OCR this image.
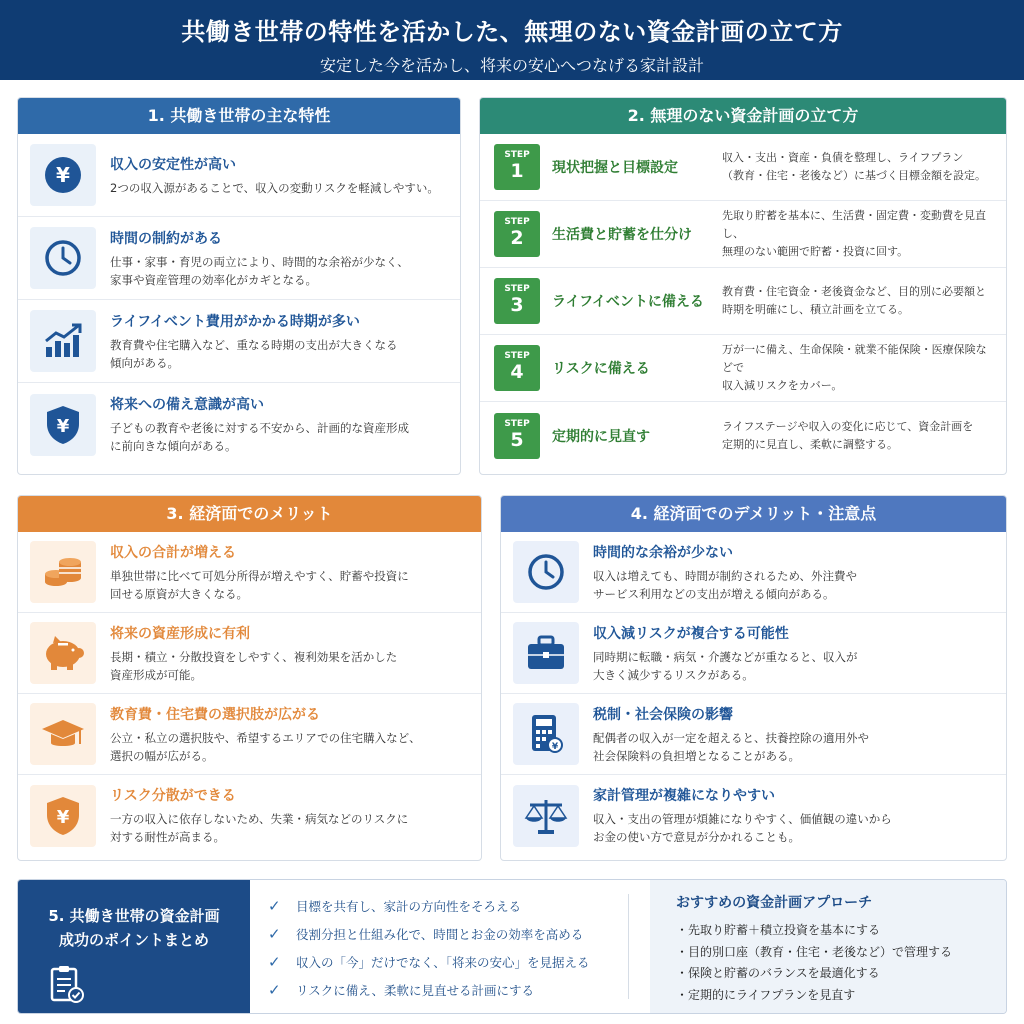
共働き世帯の特性を活かした、無理のない資金計画の立て方
安定した今を活かし、将来の安心へつなげる家計設計
1. 共働き世帯の主な特性
¥	収入の安定性が高い
2つの収入源があることで、収入の変動リスクを軽減しやすい。
時間の制約がある
仕事・家事・育児の両立により、時間的な余裕が少なく、
家事や資産管理の効率化がカギとなる。
ライフイベント費用がかかる時期が多い
教育費や住宅購入など、重なる時期の支出が大きくなる
傾向がある。
¥
将来への備え意識が高い
子どもの教育や老後に対する不安から、計画的な資産形成
に前向きな傾向がある。
2. 無理のない資金計画の立て方
STEP
1	現状把握と目標設定
収入・支出・資産・負債を整理し、ライフプラン
（教育・住宅・老後など）に基づく目標金額を設定。
STEP
2	生活費と貯蓄を仕分け
先取り貯蓄を基本に、生活費・固定費・変動費を見直し、
無理のない範囲で貯蓄・投資に回す。
STEP
3	ライフイベントに備える
教育費・住宅資金・老後資金など、目的別に必要額と
時期を明確にし、積立計画を立てる。
STEP
4	リスクに備える
万が一に備え、生命保険・就業不能保険・医療保険などで
収入減リスクをカバー。
STEP
5	定期的に見直す
ライフステージや収入の変化に応じて、資金計画を
定期的に見直し、柔軟に調整する。
3. 経済面でのメリット
収入の合計が増える
単独世帯に比べて可処分所得が増えやすく、貯蓄や投資に
回せる原資が大きくなる。
将来の資産形成に有利
長期・積立・分散投資をしやすく、複利効果を活かした
資産形成が可能。
教育費・住宅費の選択肢が広がる
公立・私立の選択肢や、希望するエリアでの住宅購入など、
選択の幅が広がる。
¥
リスク分散ができる
一方の収入に依存しないため、失業・病気などのリスクに
対する耐性が高まる。
4. 経済面でのデメリット・注意点
時間的な余裕が少ない
収入は増えても、時間が制約されるため、外注費や
サービス利用などの支出が増える傾向がある。
収入減リスクが複合する可能性
同時期に転職・病気・介護などが重なると、収入が
大きく減少するリスクがある。
¥
税制・社会保険の影響
配偶者の収入が一定を超えると、扶養控除の適用外や
社会保険料の負担増となることがある。
家計管理が複雑になりやすい
収入・支出の管理が煩雑になりやすく、価値観の違いから
お金の使い方で意見が分かれることも。
5. 共働き世帯の資金計画
成功のポイントまとめ
✓ 目標を共有し、家計の方向性をそろえる
✓ 役割分担と仕組み化で、時間とお金の効率を高める
✓ 収入の「今」だけでなく、「将来の安心」を見据える
✓ リスクに備え、柔軟に見直せる計画にする
おすすめの資金計画アプローチ
・先取り貯蓄＋積立投資を基本にする
・目的別口座（教育・住宅・老後など）で管理する
・保険と貯蓄のバランスを最適化する
・定期的にライフプランを見直す
